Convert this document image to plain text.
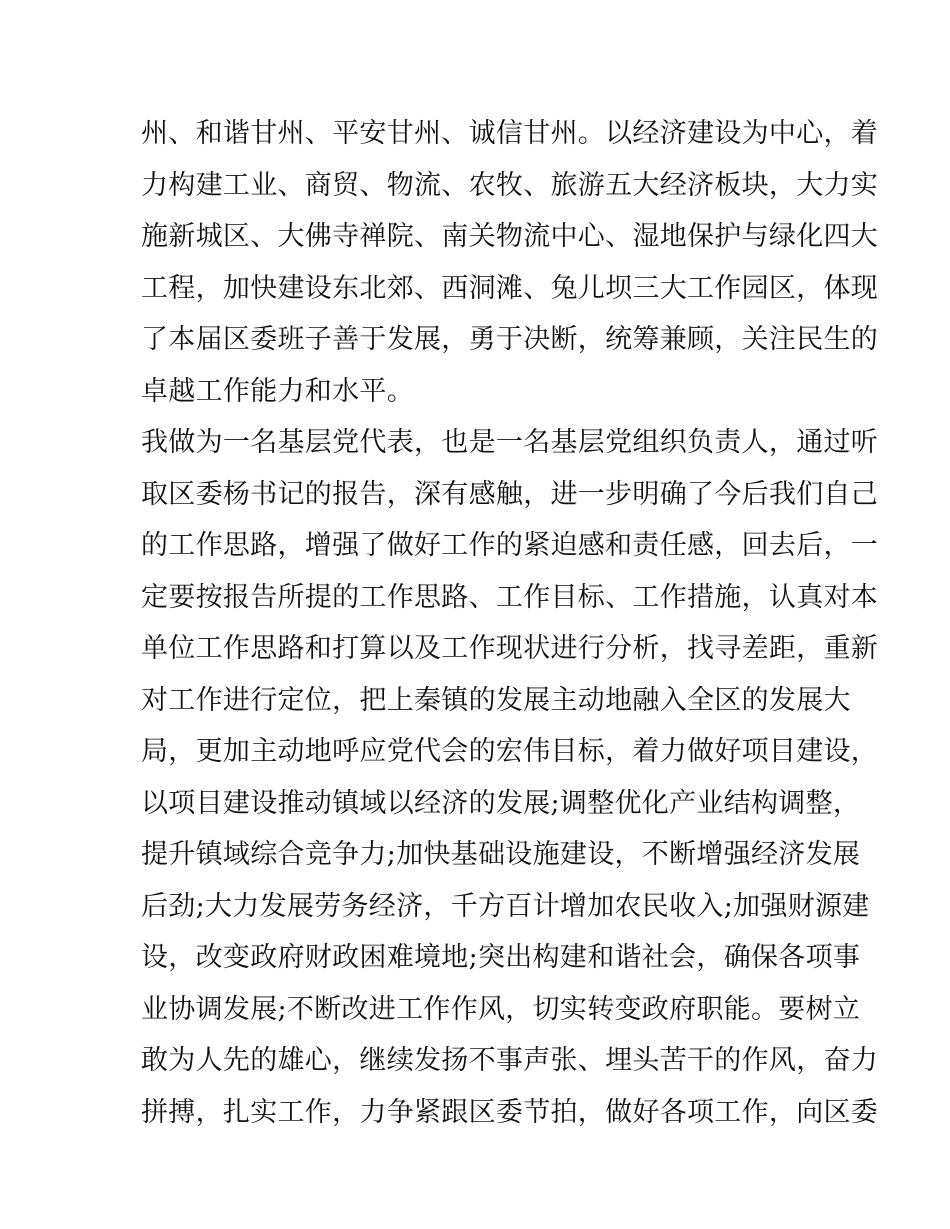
州、和谐甘州、平安甘州、诚信甘州。以经济建设为中心，着
力构建工业、商贸、物流、农牧、旅游五大经济板块，大力实
施新城区、大佛寺禅院、南关物流中心、湿地保护与绿化四大
工程，加快建设东北郊、西洞滩、兔儿坝三大工作园区，体现
了本届区委班子善于发展，勇于决断，统筹兼顾，关注民生的
卓越工作能力和水平。
我做为一名基层党代表，也是一名基层党组织负责人，通过听
取区委杨书记的报告，深有感触，进一步明确了今后我们自己
的工作思路，增强了做好工作的紧迫感和责任感，回去后，一
定要按报告所提的工作思路、工作目标、工作措施，认真对本
单位工作思路和打算以及工作现状进行分析，找寻差距，重新
对工作进行定位，把上秦镇的发展主动地融入全区的发展大
局，更加主动地呼应党代会的宏伟目标，着力做好项目建设，
以项目建设推动镇域以经济的发展;调整优化产业结构调整，
提升镇域综合竞争力;加快基础设施建设，不断增强经济发展
后劲;大力发展劳务经济，千方百计增加农民收入;加强财源建
设，改变政府财政困难境地;突出构建和谐社会，确保各项事
业协调发展;不断改进工作作风，切实转变政府职能。要树立
敢为人先的雄心，继续发扬不事声张、埋头苦干的作风，奋力
拼搏，扎实工作，力争紧跟区委节拍，做好各项工作，向区委
